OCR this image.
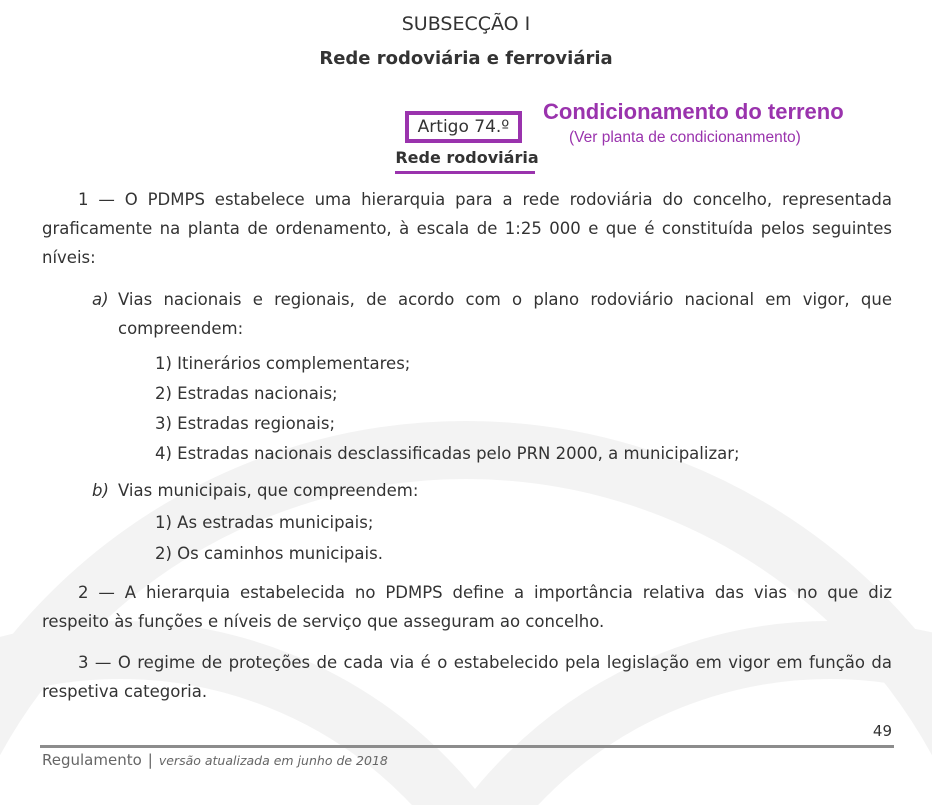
SUBSECÇÃO I
Rede rodoviária e ferroviária
Artigo 74.º
Rede rodoviária
Condicionamento do terreno
(Ver planta de condicionanmento)
1 — O PDMPS estabelece uma hierarquia para a rede rodoviária do concelho, representada graficamente na planta de ordenamento, à escala de 1:25 000 e que é constituída pelos seguintes níveis:
a) Vias nacionais e regionais, de acordo com o plano rodoviário nacional em vigor, que compreendem:
1) Itinerários complementares;
2) Estradas nacionais;
3) Estradas regionais;
4) Estradas nacionais desclassificadas pelo PRN 2000, a municipalizar;
b) Vias municipais, que compreendem:
1) As estradas municipais;
2) Os caminhos municipais.
2 — A hierarquia estabelecida no PDMPS define a importância relativa das vias no que diz respeito às funções e níveis de serviço que asseguram ao concelho.
3 — O regime de proteções de cada via é o estabelecido pela legislação em vigor em função da respetiva categoria.
49
Regulamento | versão atualizada em junho de 2018
